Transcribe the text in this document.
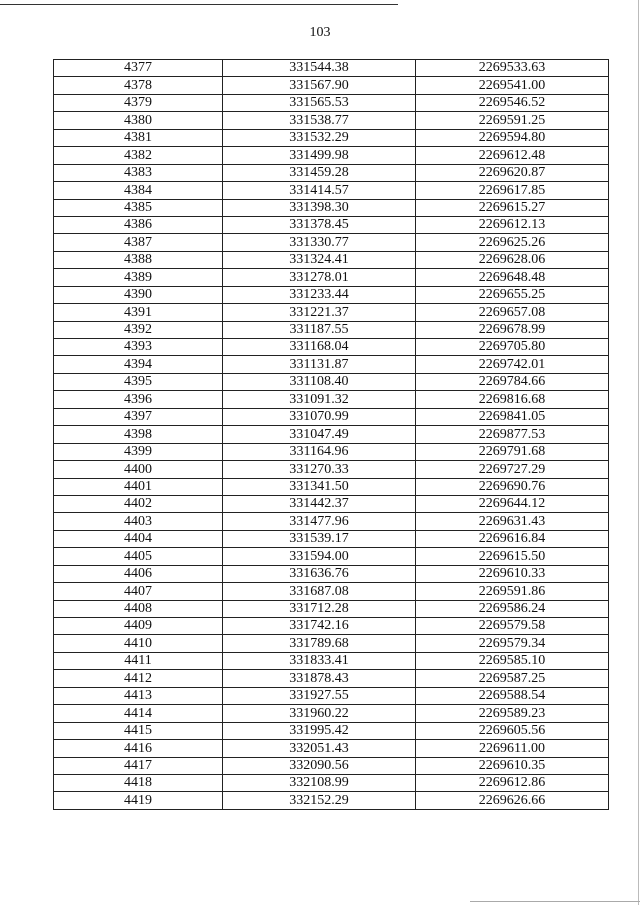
103
4377	331544.38	2269533.63
4378	331567.90	2269541.00
4379	331565.53	2269546.52
4380	331538.77	2269591.25
4381	331532.29	2269594.80
4382	331499.98	2269612.48
4383	331459.28	2269620.87
4384	331414.57	2269617.85
4385	331398.30	2269615.27
4386	331378.45	2269612.13
4387	331330.77	2269625.26
4388	331324.41	2269628.06
4389	331278.01	2269648.48
4390	331233.44	2269655.25
4391	331221.37	2269657.08
4392	331187.55	2269678.99
4393	331168.04	2269705.80
4394	331131.87	2269742.01
4395	331108.40	2269784.66
4396	331091.32	2269816.68
4397	331070.99	2269841.05
4398	331047.49	2269877.53
4399	331164.96	2269791.68
4400	331270.33	2269727.29
4401	331341.50	2269690.76
4402	331442.37	2269644.12
4403	331477.96	2269631.43
4404	331539.17	2269616.84
4405	331594.00	2269615.50
4406	331636.76	2269610.33
4407	331687.08	2269591.86
4408	331712.28	2269586.24
4409	331742.16	2269579.58
4410	331789.68	2269579.34
4411	331833.41	2269585.10
4412	331878.43	2269587.25
4413	331927.55	2269588.54
4414	331960.22	2269589.23
4415	331995.42	2269605.56
4416	332051.43	2269611.00
4417	332090.56	2269610.35
4418	332108.99	2269612.86
4419	332152.29	2269626.66
